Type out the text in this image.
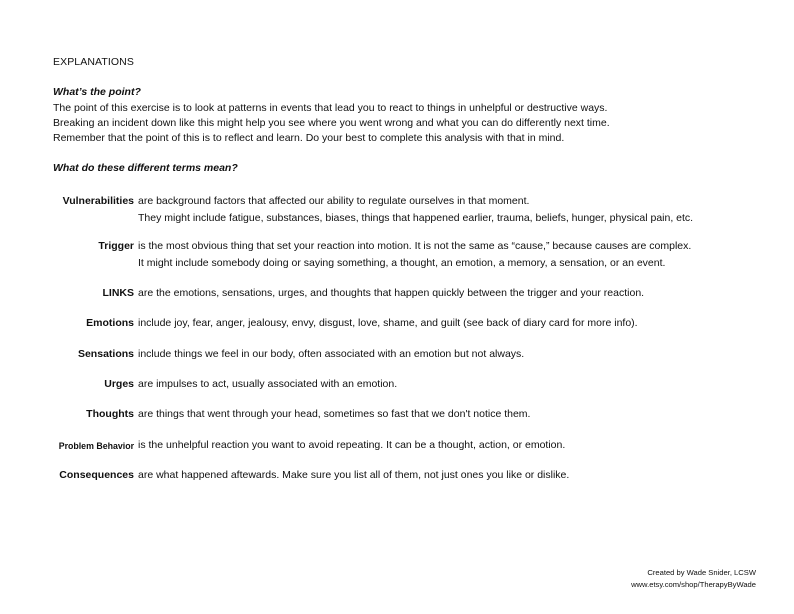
EXPLANATIONS
What’s the point?
The point of this exercise is to look at patterns in events that lead you to react to things in unhelpful or destructive ways.
Breaking an incident down like this might help you see where you went wrong and what you can do differently next time.
Remember that the point of this is to reflect and learn. Do your best to complete this analysis with that in mind.
What do these different terms mean?
Vulnerabilities are background factors that affected our ability to regulate ourselves in that moment.
They might include fatigue, substances, biases, things that happened earlier, trauma, beliefs, hunger, physical pain, etc.
Trigger is the most obvious thing that set your reaction into motion. It is not the same as “cause,” because causes are complex.
It might include somebody doing or saying something, a thought, an emotion, a memory, a sensation, or an event.
LINKS are the emotions, sensations, urges, and thoughts that happen quickly between the trigger and your reaction.
Emotions include joy, fear, anger, jealousy, envy, disgust, love, shame, and guilt (see back of diary card for more info).
Sensations include things we feel in our body, often associated with an emotion but not always.
Urges are impulses to act, usually associated with an emotion.
Thoughts are things that went through your head, sometimes so fast that we don't notice them.
Problem Behavior is the unhelpful reaction you want to avoid repeating. It can be a thought, action, or emotion.
Consequences are what happened aftewards. Make sure you list all of them, not just ones you like or dislike.
Created by Wade Snider, LCSW
www.etsy.com/shop/TherapyByWade
